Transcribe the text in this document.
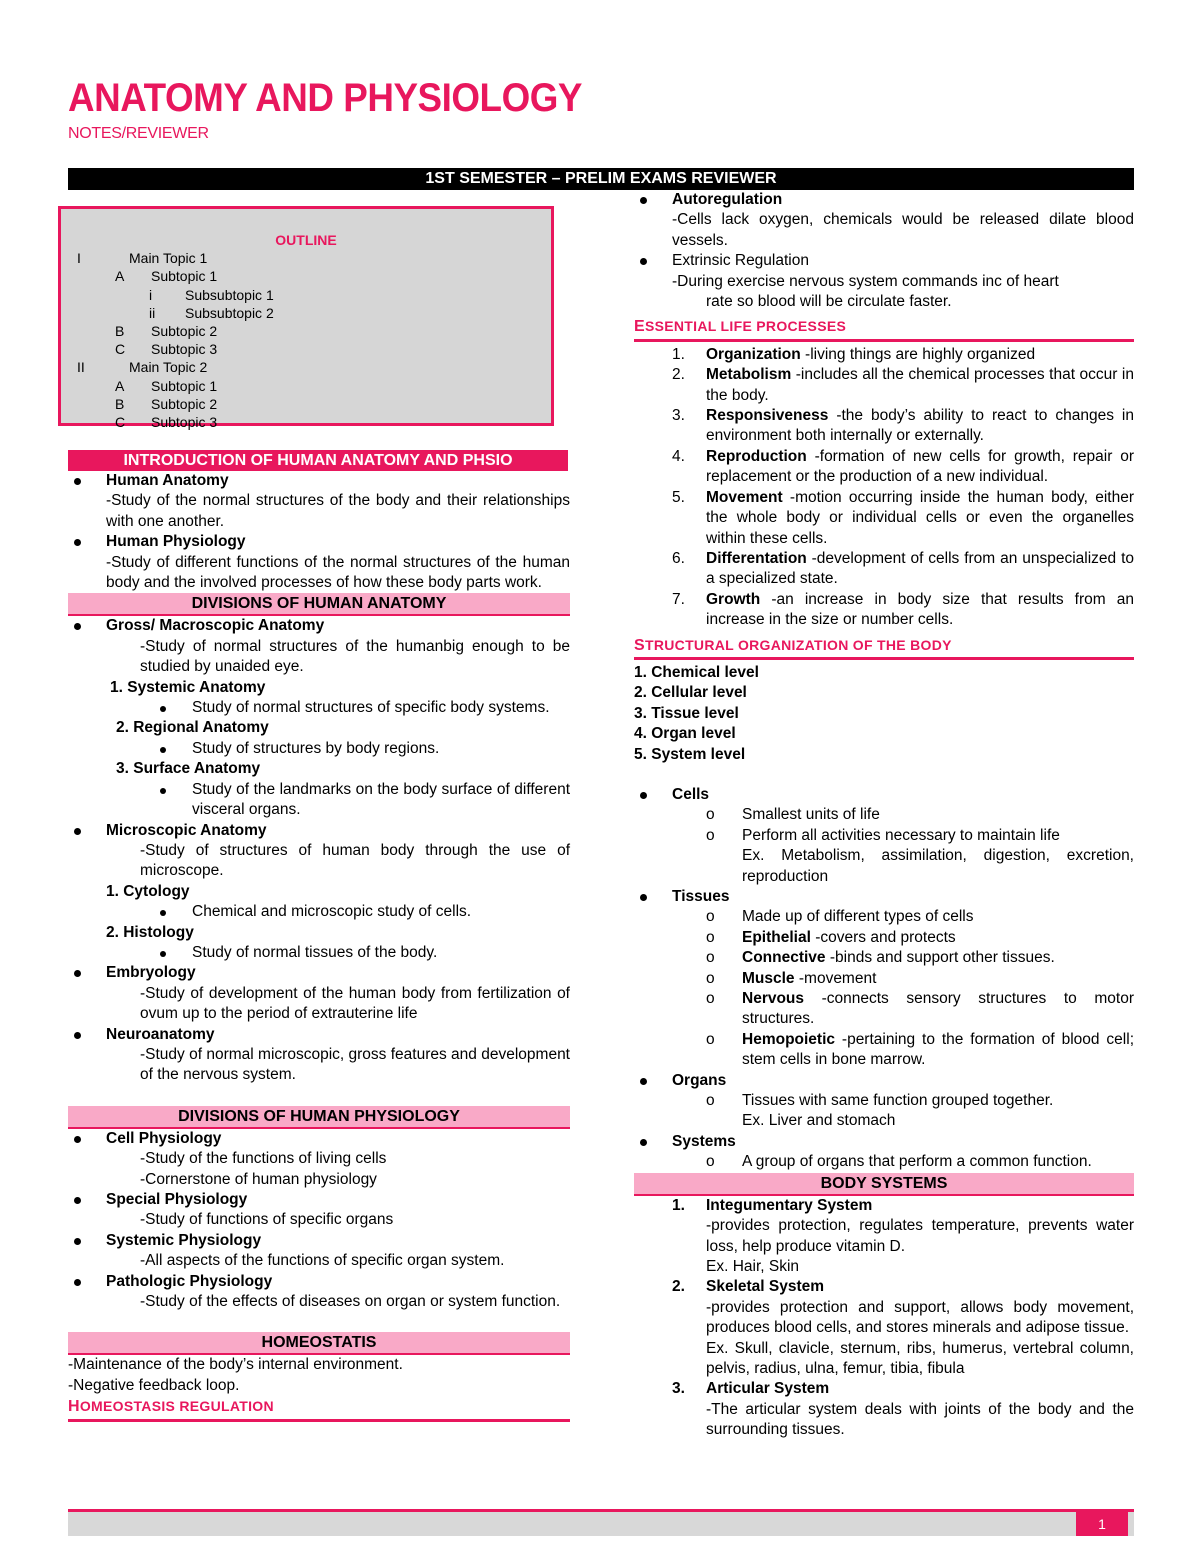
ANATOMY AND PHYSIOLOGY
NOTES/REVIEWER
1ST SEMESTER – PRELIM EXAMS REVIEWER
OUTLINE
I	Main Topic 1
A Subtopic 1
i Subsubtopic 1
ii Subsubtopic 2
B Subtopic 2
C Subtopic 3
II	Main Topic 2
A Subtopic 1
B Subtopic 2
C Subtopic 3
INTRODUCTION OF HUMAN ANATOMY AND PHSIO
Human Anatomy
-Study of the normal structures of the body and their relationships with one another.
Human Physiology
-Study of different functions of the normal structures of the human body and the involved processes of how these body parts work.
DIVISIONS OF HUMAN ANATOMY
Gross/ Macroscopic Anatomy
-Study of normal structures of the humanbig enough to be studied by unaided eye.
1. Systemic Anatomy
Study of normal structures of specific body systems.
2. Regional Anatomy
Study of structures by body regions.
3. Surface Anatomy
Study of the landmarks on the body surface of different visceral organs.
Microscopic Anatomy
-Study of structures of human body through the use of microscope.
1. Cytology
Chemical and microscopic study of cells.
2. Histology
Study of normal tissues of the body.
Embryology
-Study of development of the human body from fertilization of ovum up to the period of extrauterine life
Neuroanatomy
-Study of normal microscopic, gross features and development of the nervous system.
DIVISIONS OF HUMAN PHYSIOLOGY
Cell Physiology
-Study of the functions of living cells
-Cornerstone of human physiology
Special Physiology
-Study of functions of specific organs
Systemic Physiology
-All aspects of the functions of specific organ system.
Pathologic Physiology
-Study of the effects of diseases on organ or system function.
HOMEOSTATIS
-Maintenance of the body’s internal environment.
-Negative feedback loop.
HOMEOSTASIS REGULATION
Autoregulation
-Cells lack oxygen, chemicals would be released dilate blood vessels.
Extrinsic Regulation
-During exercise nervous system commands inc of heart
rate so blood will be circulate faster.
ESSENTIAL LIFE PROCESSES
1. Organization -living things are highly organized
2. Metabolism -includes all the chemical processes that occur in the body.
3. Responsiveness -the body’s ability to react to changes in environment both internally or externally.
4. Reproduction -formation of new cells for growth, repair or replacement or the production of a new individual.
5. Movement -motion occurring inside the human body, either the whole body or individual cells or even the organelles within these cells.
6. Differentation -development of cells from an unspecialized to a specialized state.
7. Growth -an increase in body size that results from an increase in the size or number cells.
STRUCTURAL ORGANIZATION OF THE BODY
1. Chemical level
2. Cellular level
3. Tissue level
4. Organ level
5. System level
Cells
o Smallest units of life
o Perform all activities necessary to maintain life
Ex. Metabolism, assimilation, digestion, excretion, reproduction
Tissues
o Made up of different types of cells
o Epithelial -covers and protects
o Connective -binds and support other tissues.
o Muscle -movement
o Nervous -connects sensory structures to motor structures.
o Hemopoietic -pertaining to the formation of blood cell; stem cells in bone marrow.
Organs
o Tissues with same function grouped together.
Ex. Liver and stomach
Systems
o A group of organs that perform a common function.
BODY SYSTEMS
1. Integumentary System
-provides protection, regulates temperature, prevents water loss, help produce vitamin D.
Ex. Hair, Skin
2. Skeletal System
-provides protection and support, allows body movement, produces blood cells, and stores minerals and adipose tissue.
Ex. Skull, clavicle, sternum, ribs, humerus, vertebral column, pelvis, radius, ulna, femur, tibia, fibula
3. Articular System
-The articular system deals with joints of the body and the surrounding tissues.
1
